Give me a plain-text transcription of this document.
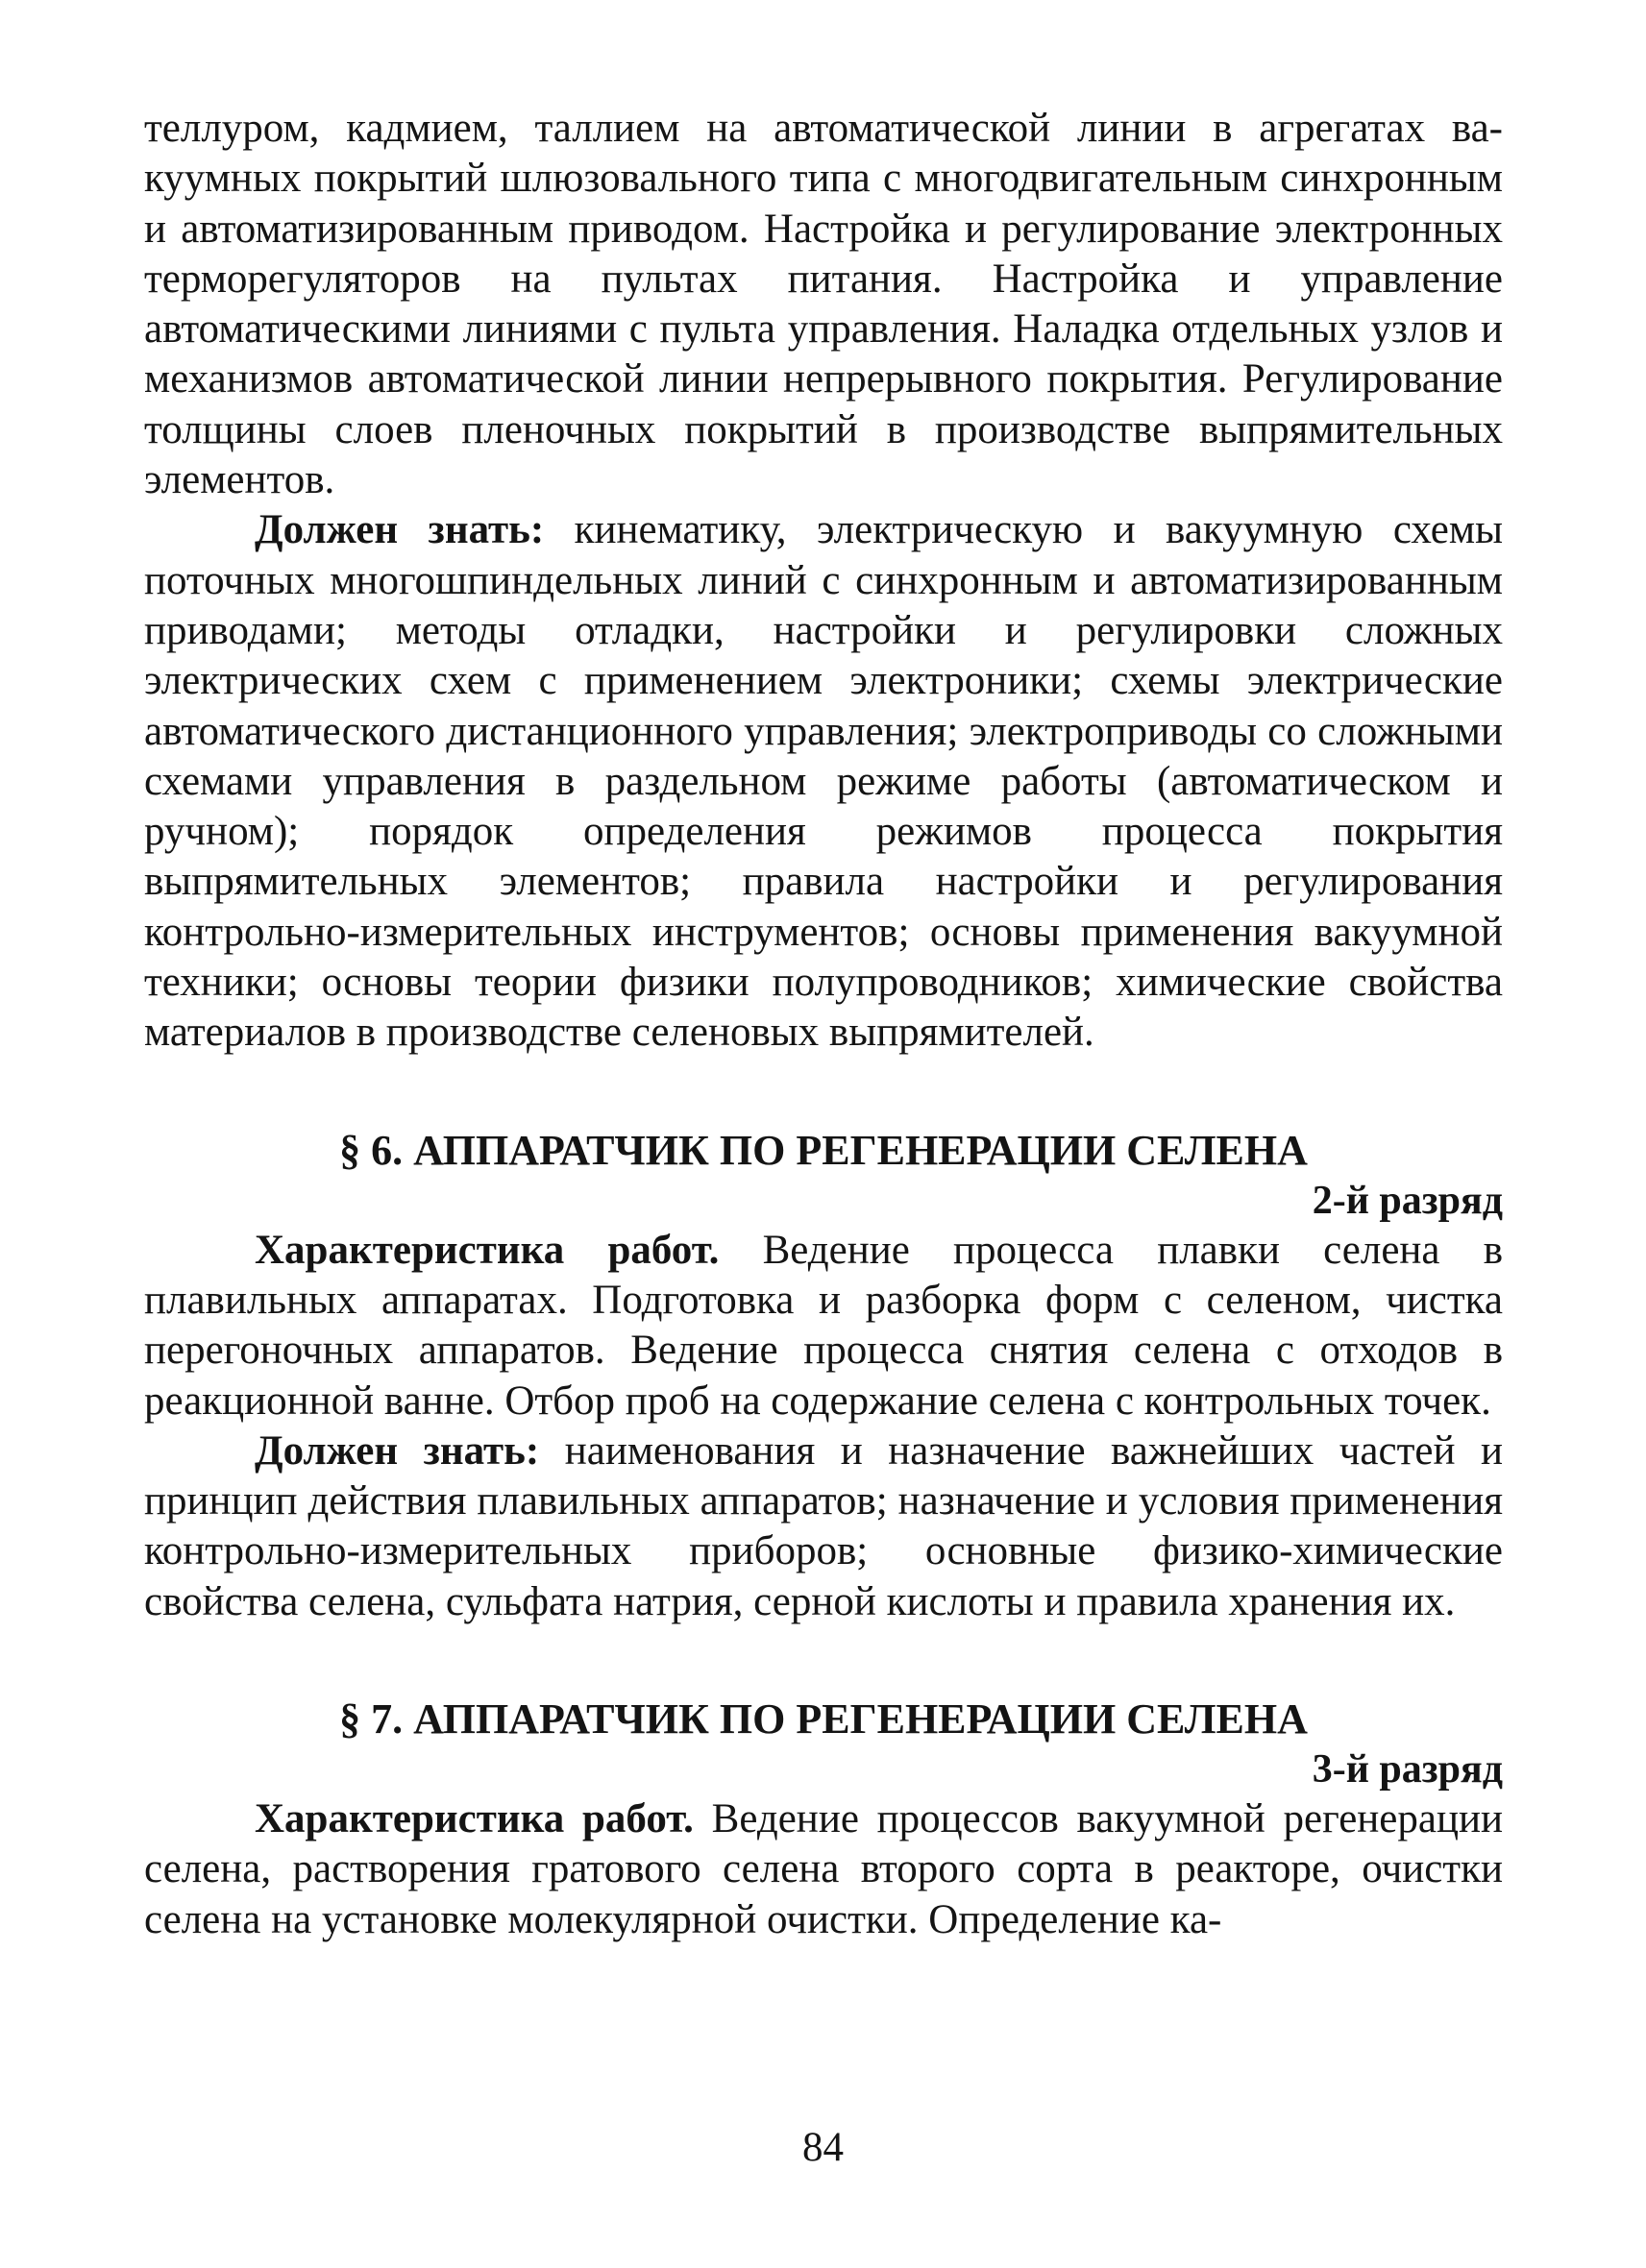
теллуром, кадмием, таллием на автоматической линии в агрегатах вакуумных покрытий шлюзовального типа с многодвигательным синхронным и автоматизированным приводом. Настройка и регулирование электронных терморегуляторов на пультах питания. Настройка и управление автоматическими линиями с пульта управления. Наладка отдельных узлов и механизмов автоматической линии непрерывного покрытия. Регулирование толщины слоев пленочных покрытий в производстве выпрямительных элементов.

Должен знать: кинематику, электрическую и вакуумную схемы поточных многошпиндельных линий с синхронным и автоматизированным приводами; методы отладки, настройки и регулировки сложных электрических схем с применением электроники; схемы электрические автоматического дистанционного управления; электроприводы со сложными схемами управления в раздельном режиме работы (автоматическом и ручном); порядок определения режимов процесса покрытия выпрямительных элементов; правила настройки и регулирования контрольно-измерительных инструментов; основы применения вакуумной техники; основы теории физики полупроводников; химические свойства материалов в производстве селеновых выпрямителей.

§ 6. АППАРАТЧИК ПО РЕГЕНЕРАЦИИ СЕЛЕНА
2-й разряд

Характеристика работ. Ведение процесса плавки селена в плавильных аппаратах. Подготовка и разборка форм с селеном, чистка перегоночных аппаратов. Ведение процесса снятия селена с отходов в реакционной ванне. Отбор проб на содержание селена с контрольных точек.

Должен знать: наименования и назначение важнейших частей и принцип действия плавильных аппаратов; назначение и условия применения контрольно-измерительных приборов; основные физико-химические свойства селена, сульфата натрия, серной кислоты и правила хранения их.

§ 7. АППАРАТЧИК ПО РЕГЕНЕРАЦИИ СЕЛЕНА
3-й разряд

Характеристика работ. Ведение процессов вакуумной регенерации селена, растворения гратового селена второго сорта в реакторе, очистки селена на установке молекулярной очистки. Определение ка-

84
